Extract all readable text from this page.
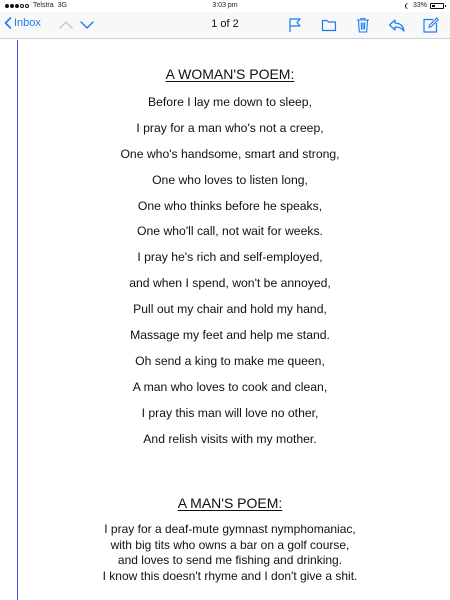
Telstra 3G	3:03 pm	33%
Inbox	1 of 2
A WOMAN'S POEM:
Before I lay me down to sleep,
I pray for a man who's not a creep,
One who's handsome, smart and strong,
One who loves to listen long,
One who thinks before he speaks,
One who'll call, not wait for weeks.
I pray he's rich and self-employed,
and when I spend, won't be annoyed,
Pull out my chair and hold my hand,
Massage my feet and help me stand.
Oh send a king to make me queen,
A man who loves to cook and clean,
I pray this man will love no other,
And relish visits with my mother.
A MAN'S POEM:
I pray for a deaf-mute gymnast nymphomaniac,
with big tits who owns a bar on a golf course,
and loves to send me fishing and drinking.
I know this doesn't rhyme and I don't give a shit.
